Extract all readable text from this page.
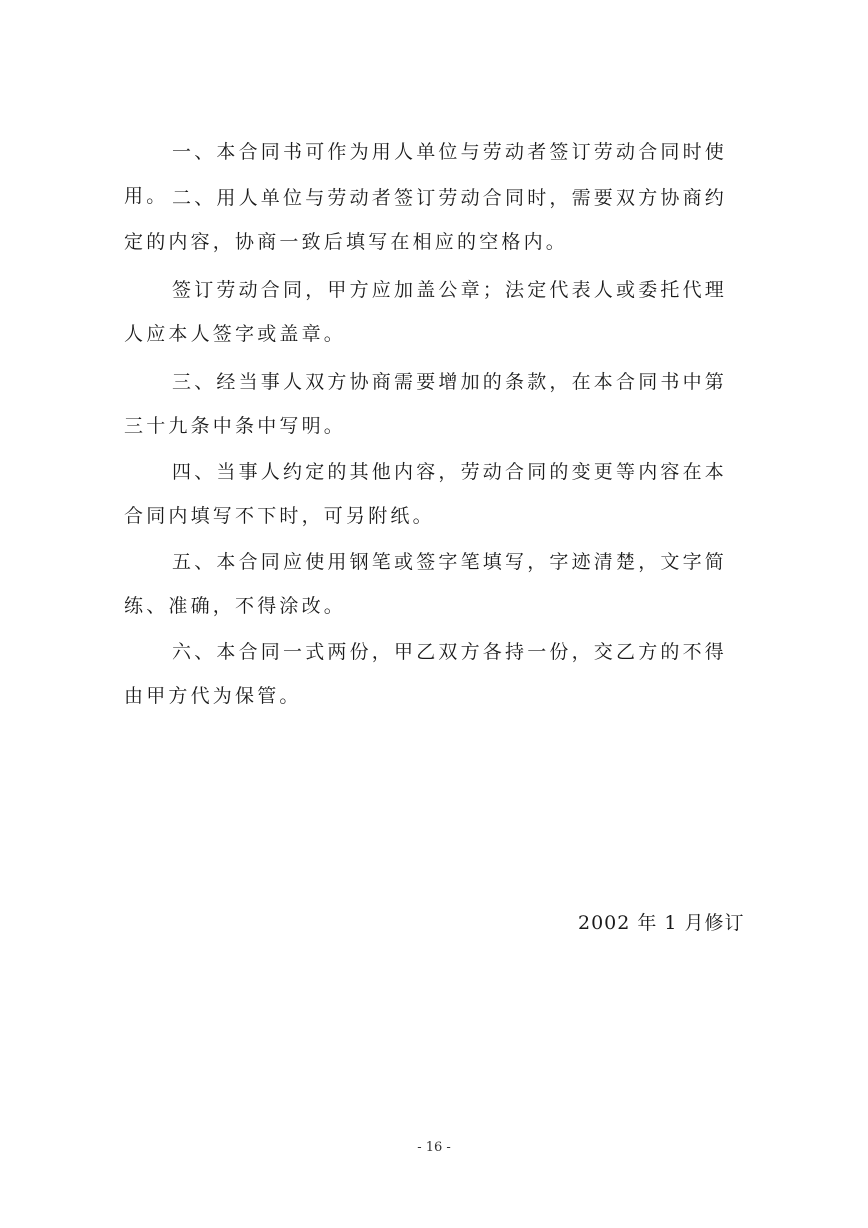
一、本合同书可作为用人单位与劳动者签订劳动合同时使用。 二、用人单位与劳动者签订劳动合同时，需要双方协商约定的内容，协商一致后填写在相应的空格内。

签订劳动合同，甲方应加盖公章；法定代表人或委托代理人应本人签字或盖章。

三、经当事人双方协商需要增加的条款，在本合同书中第三十九条中条中写明。

四、当事人约定的其他内容，劳动合同的变更等内容在本合同内填写不下时，可另附纸。

五、本合同应使用钢笔或签字笔填写，字迹清楚，文字简练、准确，不得涂改。

六、本合同一式两份，甲乙双方各持一份，交乙方的不得由甲方代为保管。

2002 年 1 月修订
- 16 -
